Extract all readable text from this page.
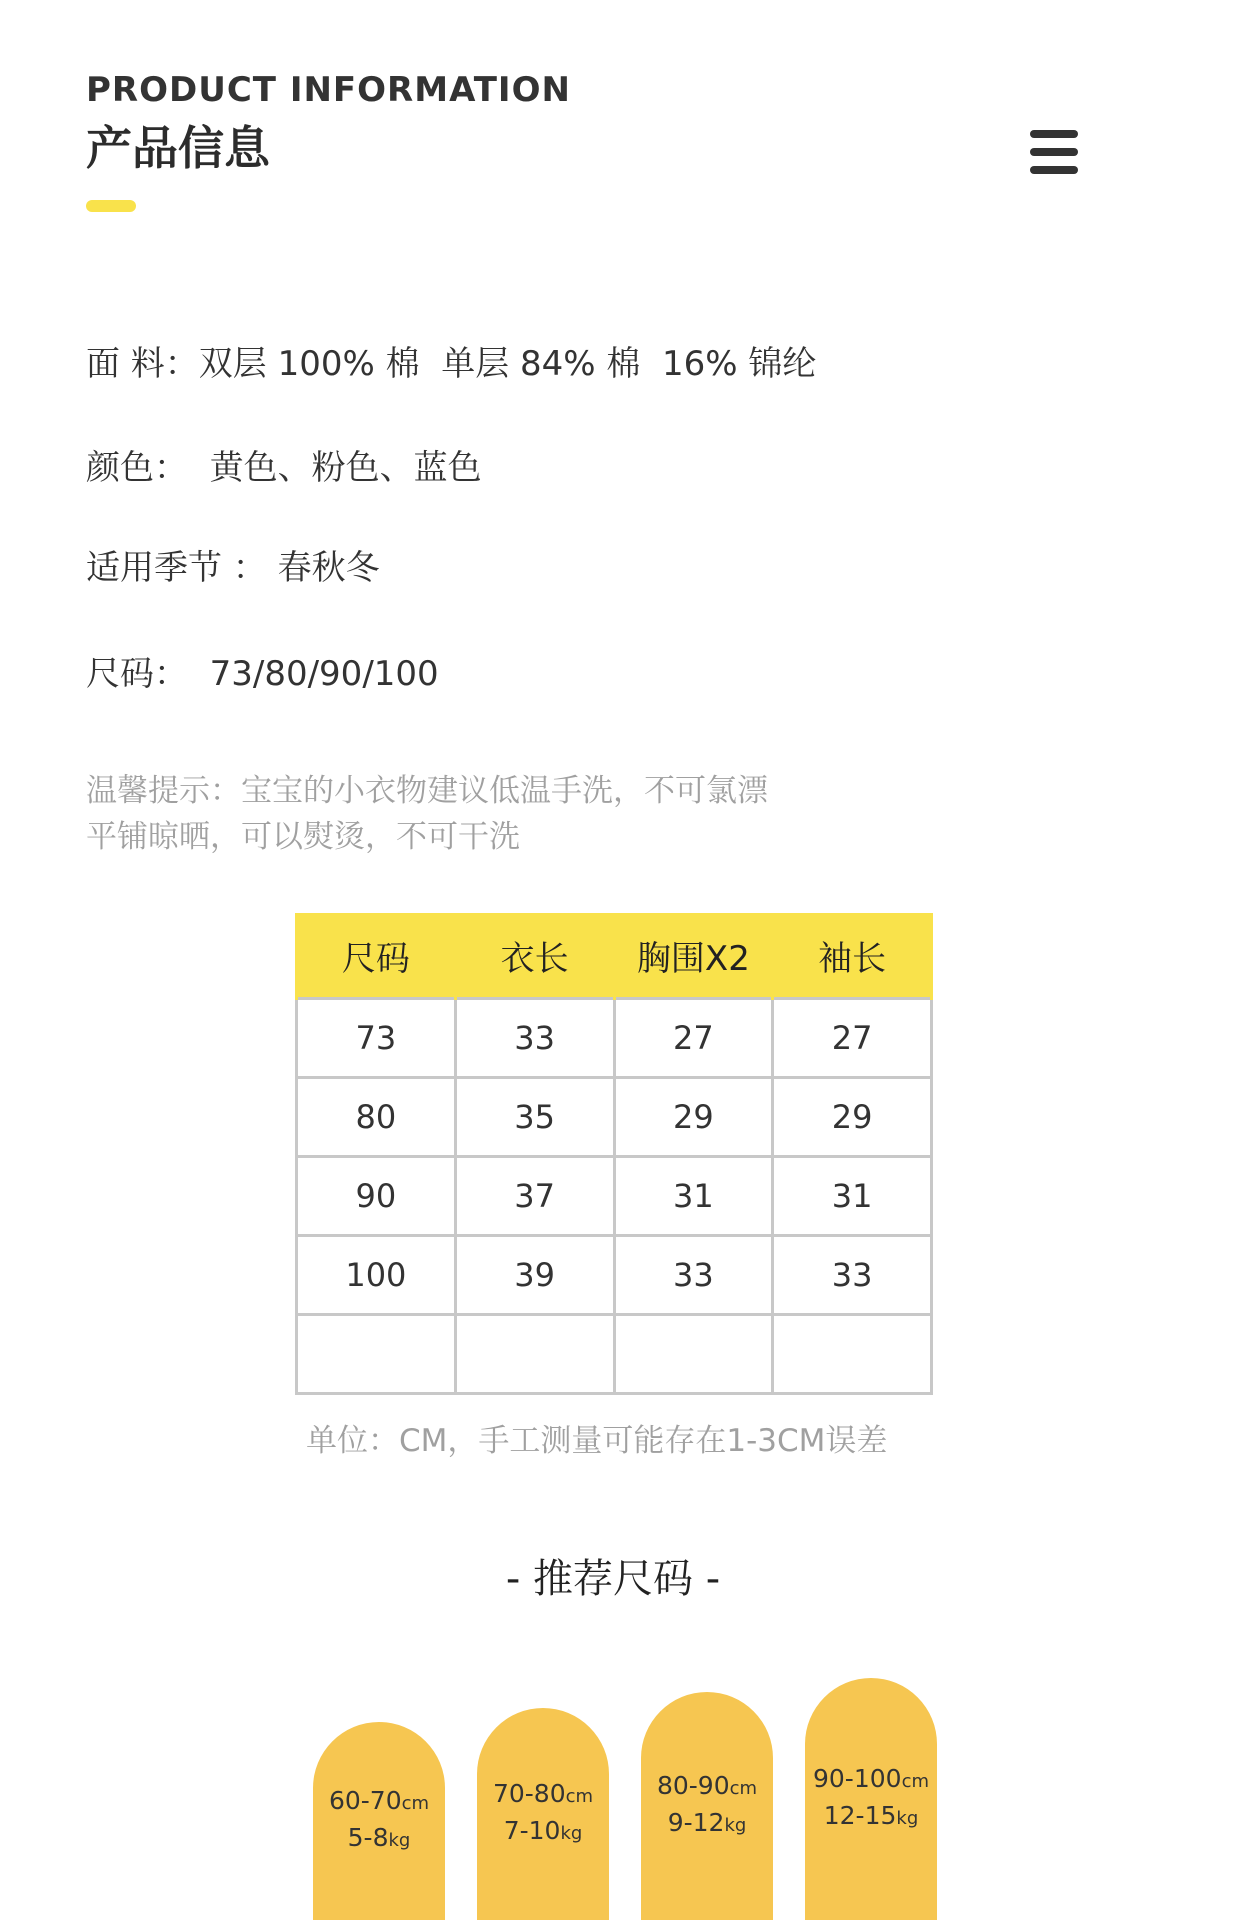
PRODUCT INFORMATION
产品信息
面 料：双层 100% 棉  单层 84% 棉  16% 锦纶
颜色：  黄色、粉色、蓝色
适用季节 ： 春秋冬
尺码：  73/80/90/100
温馨提示：宝宝的小衣物建议低温手洗，不可氯漂
平铺晾晒，可以熨烫，不可干洗
尺码	衣长	胸围X2	袖长
73	33	27	27
80	35	29	29
90	37	31	31
100	39	33	33

单位：CM，手工测量可能存在1-3CM误差
- 推荐尺码 -
60-70cm
5-8kg
70-80cm
7-10kg
80-90cm
9-12kg
90-100cm
12-15kg
